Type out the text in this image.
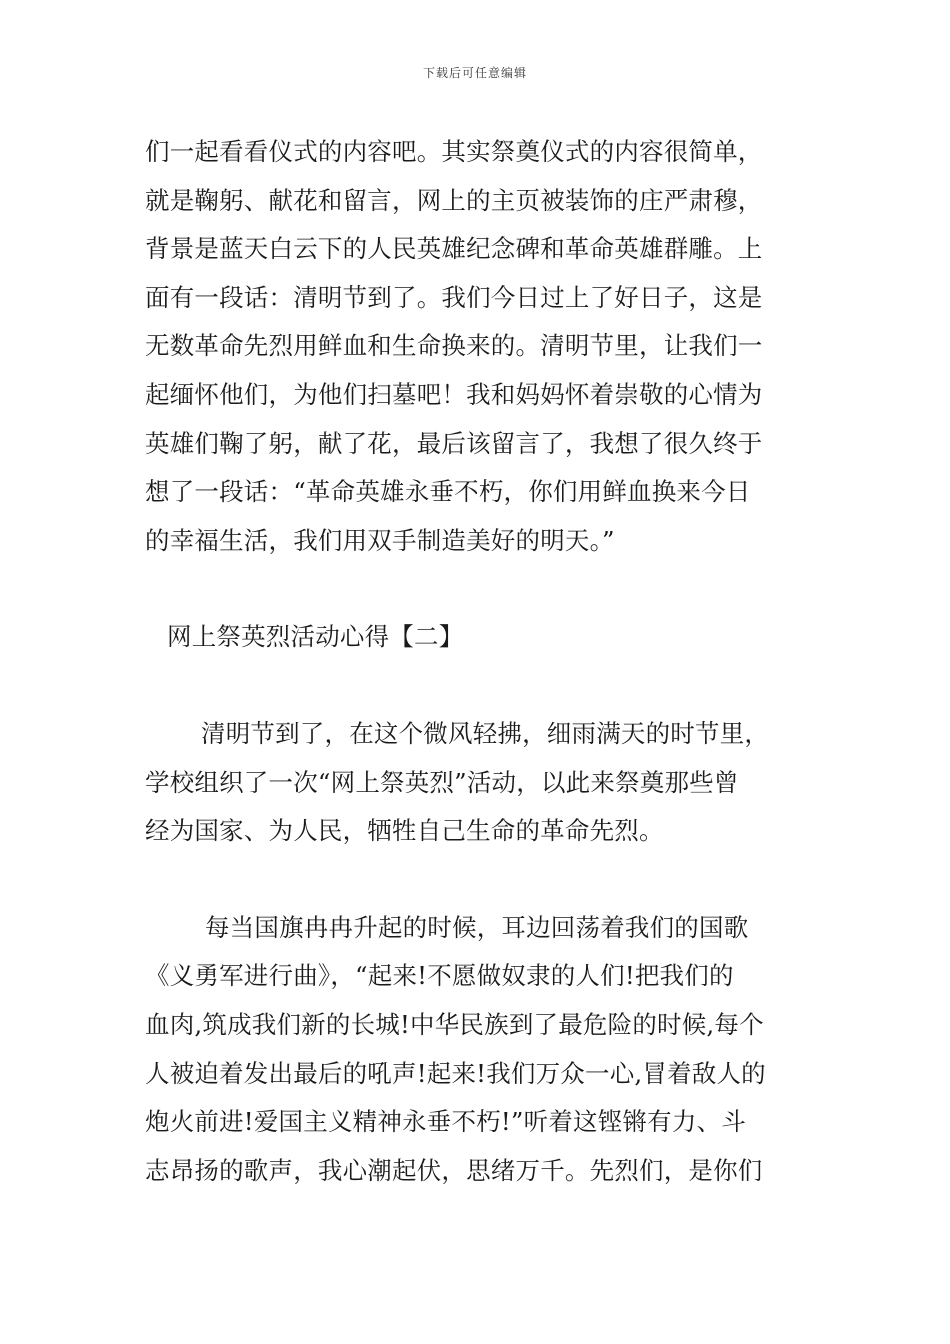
下载后可任意编辑
们一起看看仪式的内容吧。其实祭奠仪式的内容很简单，
就是鞠躬、献花和留言，网上的主页被装饰的庄严肃穆，
背景是蓝天白云下的人民英雄纪念碑和革命英雄群雕。上
面有一段话：清明节到了。我们今日过上了好日子，这是
无数革命先烈用鲜血和生命换来的。清明节里，让我们一
起缅怀他们，为他们扫墓吧！我和妈妈怀着崇敬的心情为
英雄们鞠了躬，献了花，最后该留言了，我想了很久终于
想了一段话：“革命英雄永垂不朽，你们用鲜血换来今日
的幸福生活，我们用双手制造美好的明天。”
网上祭英烈活动心得【二】
清明节到了，在这个微风轻拂，细雨满天的时节里，
学校组织了一次“网上祭英烈”活动，以此来祭奠那些曾
经为国家、为人民，牺牲自己生命的革命先烈。
每当国旗冉冉升起的时候，耳边回荡着我们的国歌
《义勇军进行曲》，“起来!不愿做奴隶的人们!把我们的
血肉,筑成我们新的长城!中华民族到了最危险的时候,每个
人被迫着发出最后的吼声!起来!我们万众一心,冒着敌人的
炮火前进!爱国主义精神永垂不朽!”听着这铿锵有力、斗
志昂扬的歌声，我心潮起伏，思绪万千。先烈们，是你们
